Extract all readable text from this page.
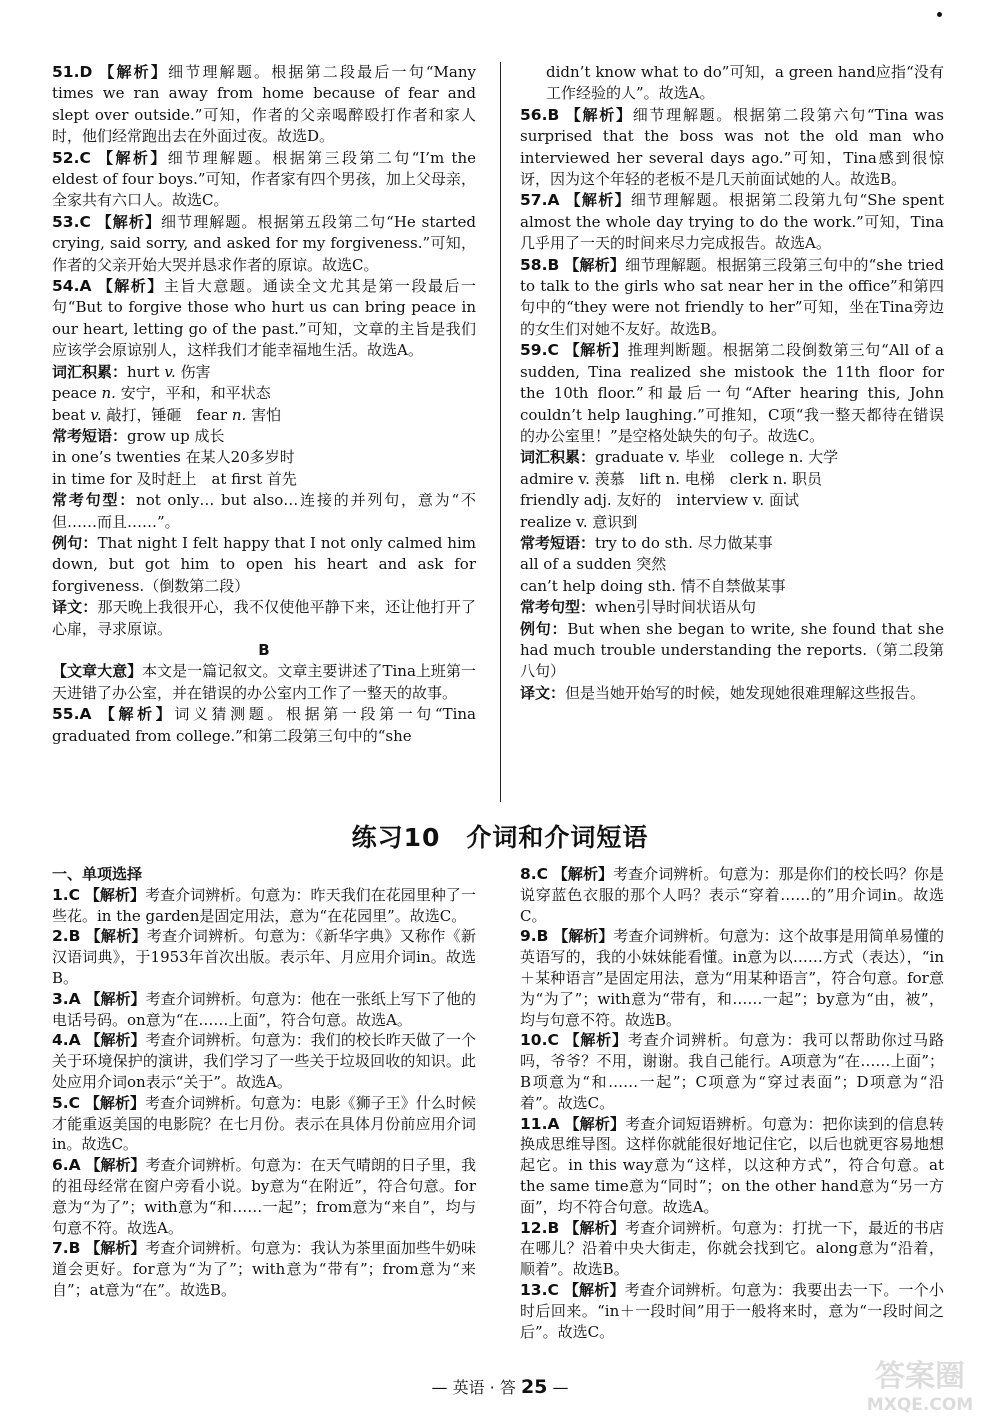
51.D 【解析】细节理解题。根据第二段最后一句“Many times we ran away from home because of fear and slept over outside.”可知，作者的父亲喝醉殴打作者和家人时，他们经常跑出去在外面过夜。故选D。

52.C 【解析】细节理解题。根据第三段第二句“I’m the eldest of four boys.”可知，作者家有四个男孩，加上父母亲，全家共有六口人。故选C。

53.C 【解析】细节理解题。根据第五段第二句“He started crying, said sorry, and asked for my forgiveness.”可知，作者的父亲开始大哭并恳求作者的原谅。故选C。

54.A 【解析】主旨大意题。通读全文尤其是第一段最后一句“But to forgive those who hurt us can bring peace in our heart, letting go of the past.”可知，文章的主旨是我们应该学会原谅别人，这样我们才能幸福地生活。故选A。

词汇积累：hurt v. 伤害

peace n. 安宁，平和，和平状态

beat v. 敲打，锤砸　 fear n. 害怕

常考短语：grow up 成长

in one’s twenties 在某人20多岁时

in time for 及时赶上　at first 首先

常考句型：not only… but also…连接的并列句，意为“不但……而且……”。

例句：That night I felt happy that I not only calmed him down, but got him to open his heart and ask for forgiveness.（倒数第二段）

译文：那天晚上我很开心，我不仅使他平静下来，还让他打开了心扉，寻求原谅。

B

【文章大意】本文是一篇记叙文。文章主要讲述了Tina上班第一天进错了办公室，并在错误的办公室内工作了一整天的故事。

55.A 【解析】词义猜测题。根据第一段第一句“Tina graduated from college.”和第二段第三句中的“she

didn’t know what to do”可知，a green hand应指“没有工作经验的人”。故选A。

56.B 【解析】细节理解题。根据第二段第六句“Tina was surprised that the boss was not the old man who interviewed her several days ago.”可知，Tina感到很惊讶，因为这个年轻的老板不是几天前面试她的人。故选B。

57.A 【解析】细节理解题。根据第二段第九句“She spent almost the whole day trying to do the work.”可知，Tina几乎用了一天的时间来尽力完成报告。故选A。

58.B 【解析】细节理解题。根据第三段第三句中的“she tried to talk to the girls who sat near her in the office”和第四句中的“they were not friendly to her”可知，坐在Tina旁边的女生们对她不友好。故选B。

59.C 【解析】推理判断题。根据第二段倒数第三句“All of a sudden, Tina realized she mistook the 11th floor for the 10th floor.”和最后一句“After hearing this, John couldn’t help laughing.”可推知，C项“我一整天都待在错误的办公室里！”是空格处缺失的句子。故选C。

词汇积累：graduate v. 毕业　college n. 大学

admire v. 羡慕　lift n. 电梯　clerk n. 职员

friendly adj. 友好的　interview v. 面试

realize v. 意识到

常考短语：try to do sth. 尽力做某事

all of a sudden 突然

can’t help doing sth. 情不自禁做某事

常考句型：when引导时间状语从句

例句：But when she began to write, she found that she had much trouble understanding the reports.（第二段第八句）

译文：但是当她开始写的时候，她发现她很难理解这些报告。

练习10　介词和介词短语

一、单项选择

1.C 【解析】考查介词辨析。句意为：昨天我们在花园里种了一些花。in the garden是固定用法，意为“在花园里”。故选C。

2.B 【解析】考查介词辨析。句意为：《新华字典》又称作《新汉语词典》，于1953年首次出版。表示年、月应用介词in。故选B。

3.A 【解析】考查介词辨析。句意为：他在一张纸上写下了他的电话号码。on意为“在……上面”，符合句意。故选A。

4.A 【解析】考查介词辨析。句意为：我们的校长昨天做了一个关于环境保护的演讲，我们学习了一些关于垃圾回收的知识。此处应用介词on表示“关于”。故选A。

5.C 【解析】考查介词辨析。句意为：电影《狮子王》什么时候才能重返美国的电影院？在七月份。表示在具体月份前应用介词in。故选C。

6.A 【解析】考查介词辨析。句意为：在天气晴朗的日子里，我的祖母经常在窗户旁看小说。by意为“在附近”，符合句意。for意为“为了”；with意为“和……一起”；from意为“来自”，均与句意不符。故选A。

7.B 【解析】考查介词辨析。句意为：我认为茶里面加些牛奶味道会更好。for意为“为了”；with意为“带有”；from意为“来自”；at意为“在”。故选B。

8.C 【解析】考查介词辨析。句意为：那是你们的校长吗？你是说穿蓝色衣服的那个人吗？表示“穿着……的”用介词in。故选C。

9.B 【解析】考查介词辨析。句意为：这个故事是用简单易懂的英语写的，我的小妹妹能看懂。in意为以……方式（表达），“in＋某种语言”是固定用法，意为“用某种语言”，符合句意。for意为“为了”；with意为“带有，和……一起”；by意为“由，被”，均与句意不符。故选B。

10.C 【解析】考查介词辨析。句意为：我可以帮助你过马路吗，爷爷？不用，谢谢。我自己能行。A项意为“在……上面”；B项意为“和……一起”；C项意为“穿过表面”；D项意为“沿着”。故选C。

11.A 【解析】考查介词短语辨析。句意为：把你读到的信息转换成思维导图。这样你就能很好地记住它，以后也就更容易地想起它。in this way意为“这样，以这种方式”，符合句意。at the same time意为“同时”；on the other hand意为“另一方面”，均不符合句意。故选A。

12.B 【解析】考查介词辨析。句意为：打扰一下，最近的书店在哪儿？沿着中央大街走，你就会找到它。along意为“沿着，顺着”。故选B。

13.C 【解析】考查介词辨析。句意为：我要出去一下。一个小时后回来。“in＋一段时间”用于一般将来时，意为“一段时间之后”。故选C。

— 英语 · 答 25 —	答案圈
MXQE.COM
